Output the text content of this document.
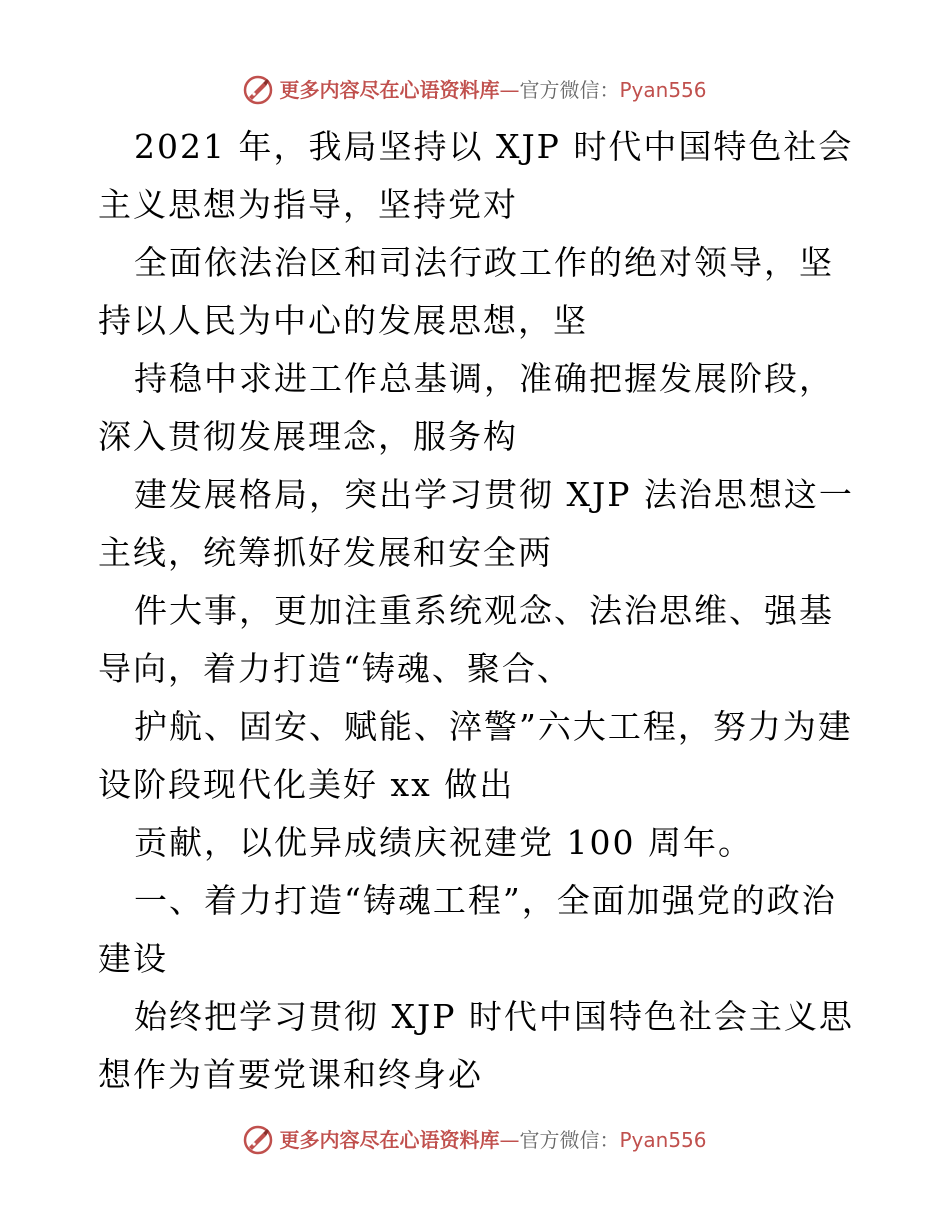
更多内容尽在心语资料库—官方微信：Pyan556

2021 年，我局坚持以 XJP 时代中国特色社会主义思想为指导，坚持党对

全面依法治区和司法行政工作的绝对领导，坚持以人民为中心的发展思想，坚

持稳中求进工作总基调，准确把握发展阶段，深入贯彻发展理念，服务构

建发展格局，突出学习贯彻 XJP 法治思想这一主线，统筹抓好发展和安全两

件大事，更加注重系统观念、法治思维、强基导向，着力打造“铸魂、聚合、

护航、固安、赋能、淬警”六大工程，努力为建设阶段现代化美好 xx 做出

贡献，以优异成绩庆祝建党 100 周年。

一、着力打造“铸魂工程”，全面加强党的政治建设

始终把学习贯彻 XJP 时代中国特色社会主义思想作为首要党课和终身必

更多内容尽在心语资料库—官方微信：Pyan556
